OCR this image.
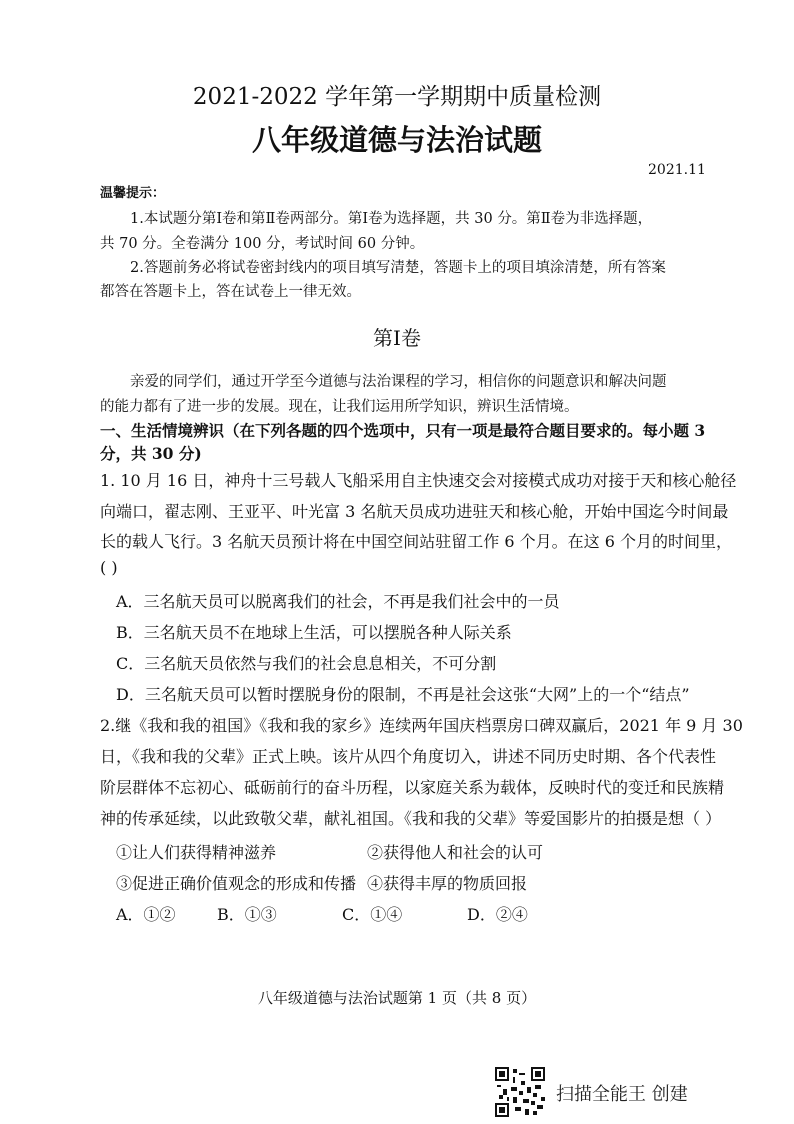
2021-2022 学年第一学期期中质量检测
八年级道德与法治试题
2021.11
温馨提示：
1.本试题分第Ⅰ卷和第Ⅱ卷两部分。第Ⅰ卷为选择题，共 30 分。第Ⅱ卷为非选择题，
共 70 分。全卷满分 100 分，考试时间 60 分钟。
2.答题前务必将试卷密封线内的项目填写清楚，答题卡上的项目填涂清楚，所有答案
都答在答题卡上，答在试卷上一律无效。
第Ⅰ卷
亲爱的同学们，通过开学至今道德与法治课程的学习，相信你的问题意识和解决问题
的能力都有了进一步的发展。现在，让我们运用所学知识，辨识生活情境。
一、生活情境辨识（在下列各题的四个选项中，只有一项是最符合题目要求的。每小题 3
分，共 30 分)
1. 10 月 16 日，神舟十三号载人飞船采用自主快速交会对接模式成功对接于天和核心舱径
向端口，翟志刚、王亚平、叶光富 3 名航天员成功进驻天和核心舱，开始中国迄今时间最
长的载人飞行。3 名航天员预计将在中国空间站驻留工作 6 个月。在这 6 个月的时间里，
( )
A．三名航天员可以脱离我们的社会，不再是我们社会中的一员
B．三名航天员不在地球上生活，可以摆脱各种人际关系
C．三名航天员依然与我们的社会息息相关，不可分割
D．三名航天员可以暂时摆脱身份的限制，不再是社会这张“大网”上的一个“结点”
2.继《我和我的祖国》《我和我的家乡》连续两年国庆档票房口碑双赢后，2021 年 9 月 30
日，《我和我的父辈》正式上映。该片从四个角度切入，讲述不同历史时期、各个代表性
阶层群体不忘初心、砥砺前行的奋斗历程，以家庭关系为载体，反映时代的变迁和民族精
神的传承延续，以此致敬父辈，献礼祖国。《我和我的父辈》等爱国影片的拍摄是想（ ）
①让人们获得精神滋养	②获得他人和社会的认可
③促进正确价值观念的形成和传播 ④获得丰厚的物质回报
A．①②	B．①③	C．①④	D．②④
八年级道德与法治试题第 1 页（共 8 页）
扫描全能王 创建
